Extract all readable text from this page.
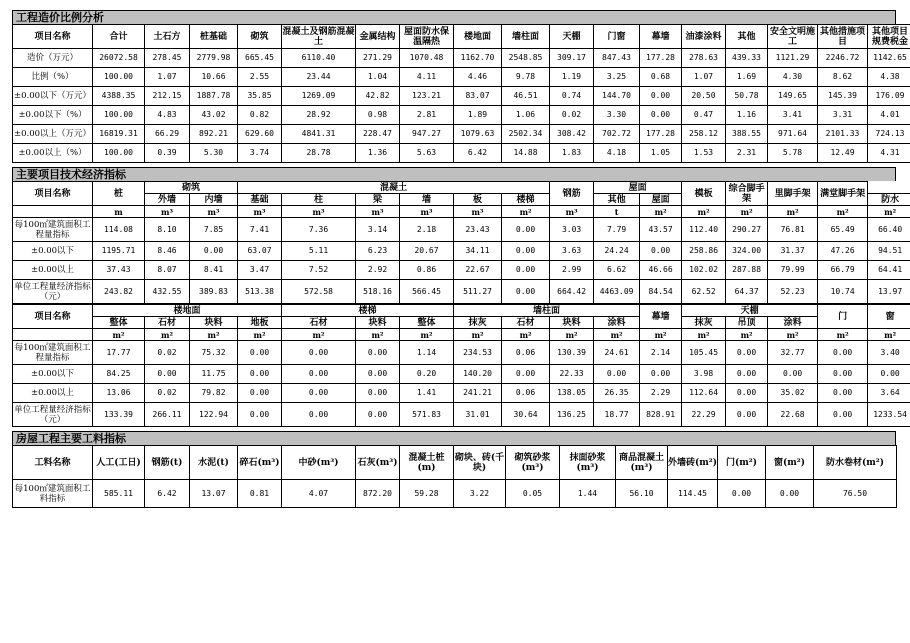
工程造价比例分析
项目名称	合计	土石方	桩基础	砌筑	混凝土及钢筋混凝土	金属结构	屋面防水保温隔热	楼地面	墙柱面	天棚	门窗	幕墙	油漆涂料	其他	安全文明施工	其他措施项目	其他项目规费税金
造价（万元）	26072.58	278.45	2779.98	665.45	6110.40	271.29	1070.48	1162.70	2548.85	309.17	847.43	177.28	278.63	439.33	1121.29	2246.72	1142.65
比例（%）	100.00	1.07	10.66	2.55	23.44	1.04	4.11	4.46	9.78	1.19	3.25	0.68	1.07	1.69	4.30	8.62	4.38
±0.00以下（万元）	4388.35	212.15	1887.78	35.85	1269.09	42.82	123.21	83.07	46.51	0.74	144.70	0.00	20.50	50.78	149.65	145.39	176.09
±0.00以下（%）	100.00	4.83	43.02	0.82	28.92	0.98	2.81	1.89	1.06	0.02	3.30	0.00	0.47	1.16	3.41	3.31	4.01
±0.00以上（万元）	16819.31	66.29	892.21	629.60	4841.31	228.47	947.27	1079.63	2502.34	308.42	702.72	177.28	258.12	388.55	971.64	2101.33	724.13
±0.00以上（%）	100.00	0.39	5.30	3.74	28.78	1.36	5.63	6.42	14.88	1.83	4.18	1.05	1.53	2.31	5.78	12.49	4.31
主要项目技术经济指标
项目名称	桩	砌筑		混凝土						钢筋	屋面		模板	综合脚手架	里脚手架	满堂脚手架	
		外墙	内墙	基础	柱	梁	墙	板	楼梯		其他	屋面					防水
	m	m³	m³	m³	m³	m³	m³	m³	m²	m³	t	m²	m²	m²	m²	m²	m²
每100㎡建筑面积工程量指标	114.08	8.10	7.85	7.41	7.36	3.14	2.18	23.43	0.00	3.03	7.79	43.57	112.40	290.27	76.81	65.49	66.40
±0.00以下	1195.71	8.46	0.00	63.07	5.11	6.23	20.67	34.11	0.00	3.63	24.24	0.00	258.86	324.00	31.37	47.26	94.51
±0.00以上	37.43	8.07	8.41	3.47	7.52	2.92	0.86	22.67	0.00	2.99	6.62	46.66	102.02	287.88	79.99	66.79	64.41
单位工程量经济指标（元）	243.82	432.55	389.83	513.38	572.58	518.16	566.45	511.27	0.00	664.42	4463.09	84.54	62.52	64.37	52.23	10.74	13.97
项目名称	楼地面				楼梯			墙柱面				幕墙	天棚			门	窗
	整体	石材	块料	地板	石材	块料	整体	抹灰	石材	块料	涂料		抹灰	吊顶	涂料		
	m²	m²	m²	m²	m²	m²	m²	m²	m²	m²	m²	m²	m²	m²	m²	m²	m²
每100㎡建筑面积工程量指标	17.77	0.02	75.32	0.00	0.00	0.00	1.14	234.53	0.06	130.39	24.61	2.14	105.45	0.00	32.77	0.00	3.40
±0.00以下	84.25	0.00	11.75	0.00	0.00	0.00	0.20	140.20	0.00	22.33	0.00	0.00	3.98	0.00	0.00	0.00	0.00
±0.00以上	13.06	0.02	79.82	0.00	0.00	0.00	1.41	241.21	0.06	138.05	26.35	2.29	112.64	0.00	35.02	0.00	3.64
单位工程量经济指标（元）	133.39	266.11	122.94	0.00	0.00	0.00	571.83	31.01	30.64	136.25	18.77	828.91	22.29	0.00	22.68	0.00	1233.54
房屋工程主要工料指标
工料名称	人工(工日)	钢筋(t)	水泥(t)	碎石(m³)	中砂(m³)	石灰(m³)	混凝土桩(m)	砌块、砖(千块)	砌筑砂浆(m³)	抹面砂浆(m³)	商品混凝土(m³)	外墙砖(m²)	门(m²)	窗(m²)	防水卷材(m²)
每100㎡建筑面积工料指标	585.11	6.42	13.07	0.81	4.07	872.20	59.28	3.22	0.05	1.44	56.10	114.45	0.00	0.00	76.50
